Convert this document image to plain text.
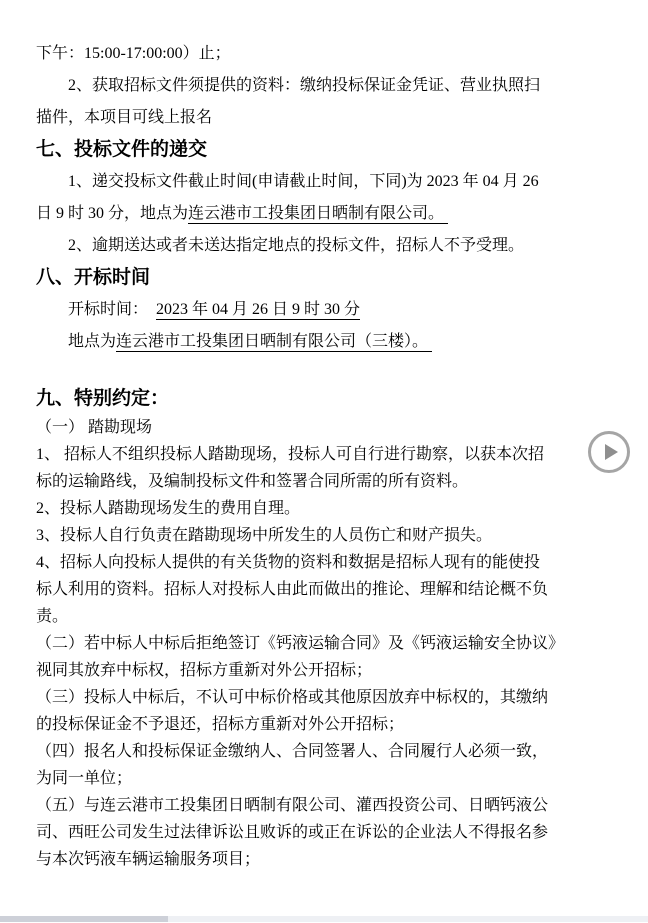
下午：15:00-17:00:00）止；
2、获取招标文件须提供的资料：缴纳投标保证金凭证、营业执照扫
描件，本项目可线上报名
七、投标文件的递交
1、递交投标文件截止时间(申请截止时间，下同)为 2023 年 04 月 26
日 9 时 30 分，地点为连云港市工投集团日晒制有限公司。
2、逾期送达或者未送达指定地点的投标文件，招标人不予受理。
八、开标时间
开标时间：  2023 年 04 月 26 日 9 时 30 分
地点为连云港市工投集团日晒制有限公司（三楼）。
九、特别约定：
（一） 踏勘现场
1、 招标人不组织投标人踏勘现场，投标人可自行进行勘察，以获本次招
标的运输路线，及编制投标文件和签署合同所需的所有资料。
2、投标人踏勘现场发生的费用自理。
3、投标人自行负责在踏勘现场中所发生的人员伤亡和财产损失。
4、招标人向投标人提供的有关货物的资料和数据是招标人现有的能使投
标人利用的资料。招标人对投标人由此而做出的推论、理解和结论概不负
责。
（二）若中标人中标后拒绝签订《钙液运输合同》及《钙液运输安全协议》
视同其放弃中标权，招标方重新对外公开招标；
（三）投标人中标后，不认可中标价格或其他原因放弃中标权的，其缴纳
的投标保证金不予退还，招标方重新对外公开招标；
（四）报名人和投标保证金缴纳人、合同签署人、合同履行人必须一致，
为同一单位；
（五）与连云港市工投集团日晒制有限公司、灌西投资公司、日晒钙液公
司、西旺公司发生过法律诉讼且败诉的或正在诉讼的企业法人不得报名参
与本次钙液车辆运输服务项目；
